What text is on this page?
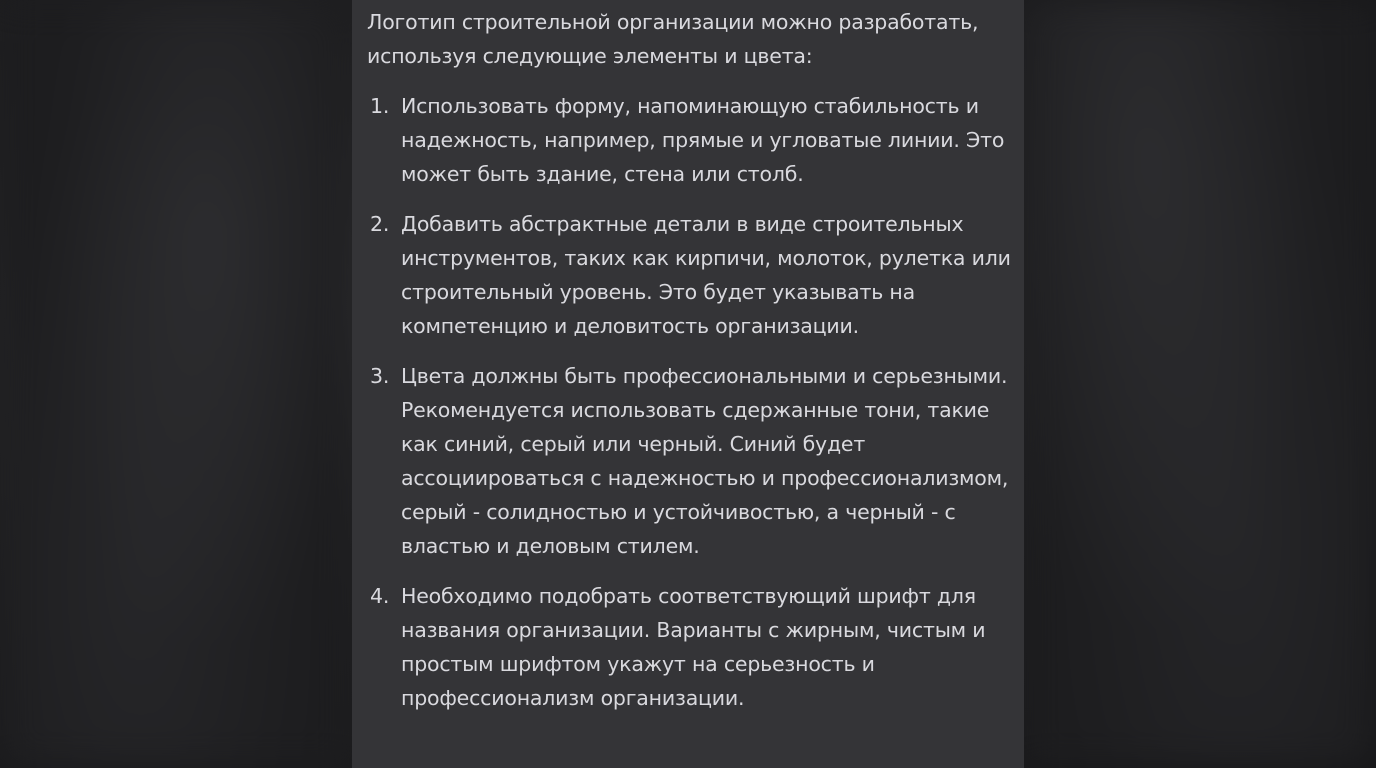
Логотип строительной организации можно разработать, используя следующие элементы и цвета:

1. Использовать форму, напоминающую стабильность и надежность, например, прямые и угловатые линии. Это может быть здание, стена или столб.
2. Добавить абстрактные детали в виде строительных инструментов, таких как кирпичи, молоток, рулетка или строительный уровень. Это будет указывать на компетенцию и деловитость организации.
3. Цвета должны быть профессиональными и серьезными. Рекомендуется использовать сдержанные тони, такие как синий, серый или черный. Синий будет ассоциироваться с надежностью и профессионализмом, серый - солидностью и устойчивостью, а черный - с властью и деловым стилем.
4. Необходимо подобрать соответствующий шрифт для названия организации. Варианты с жирным, чистым и простым шрифтом укажут на серьезность и профессионализм организации.
